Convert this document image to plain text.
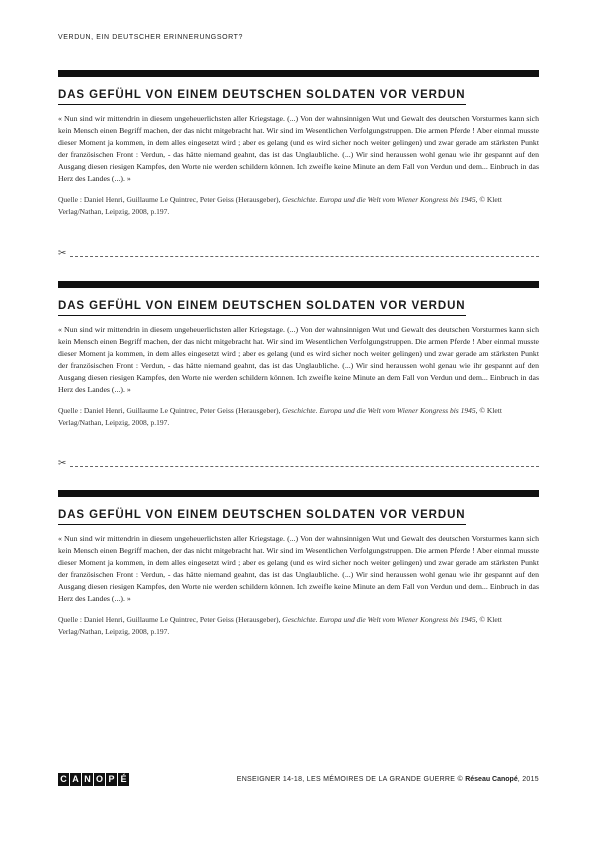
VERDUN, EIN DEUTSCHER ERINNERUNGSORT?
DAS GEFÜHL VON EINEM DEUTSCHEN SOLDATEN VOR VERDUN
« Nun sind wir mittendrin in diesem ungeheuerlichsten aller Kriegstage. (...) Von der wahnsinnigen Wut und Gewalt des deutschen Vorsturmes kann sich kein Mensch einen Begriff machen, der das nicht mitgebracht hat. Wir sind im Wesentlichen Verfolgungstruppen. Die armen Pferde ! Aber einmal musste dieser Moment ja kommen, in dem alles eingesetzt wird ; aber es gelang (und es wird sicher noch weiter gelingen) und zwar gerade am stärksten Punkt der französischen Front : Verdun, - das hätte niemand geahnt, das ist das Unglaubliche. (...) Wir sind heraussen wohl genau wie ihr gespannt auf den Ausgang diesen riesigen Kampfes, den Worte nie werden schildern können. Ich zweifle keine Minute an dem Fall von Verdun und dem... Einbruch in das Herz des Landes (...). »
Quelle : Daniel Henri, Guillaume Le Quintrec, Peter Geiss (Herausgeber), Geschichte. Europa und die Welt vom Wiener Kongress bis 1945, © Klett Verlag/Nathan, Leipzig, 2008, p.197.
✂
DAS GEFÜHL VON EINEM DEUTSCHEN SOLDATEN VOR VERDUN
« Nun sind wir mittendrin in diesem ungeheuerlichsten aller Kriegstage. (...) Von der wahnsinnigen Wut und Gewalt des deutschen Vorsturmes kann sich kein Mensch einen Begriff machen, der das nicht mitgebracht hat. Wir sind im Wesentlichen Verfolgungstruppen. Die armen Pferde ! Aber einmal musste dieser Moment ja kommen, in dem alles eingesetzt wird ; aber es gelang (und es wird sicher noch weiter gelingen) und zwar gerade am stärksten Punkt der französischen Front : Verdun, - das hätte niemand geahnt, das ist das Unglaubliche. (...) Wir sind heraussen wohl genau wie ihr gespannt auf den Ausgang diesen riesigen Kampfes, den Worte nie werden schildern können. Ich zweifle keine Minute an dem Fall von Verdun und dem... Einbruch in das Herz des Landes (...). »
Quelle : Daniel Henri, Guillaume Le Quintrec, Peter Geiss (Herausgeber), Geschichte. Europa und die Welt vom Wiener Kongress bis 1945, © Klett Verlag/Nathan, Leipzig, 2008, p.197.
✂
DAS GEFÜHL VON EINEM DEUTSCHEN SOLDATEN VOR VERDUN
« Nun sind wir mittendrin in diesem ungeheuerlichsten aller Kriegstage. (...) Von der wahnsinnigen Wut und Gewalt des deutschen Vorsturmes kann sich kein Mensch einen Begriff machen, der das nicht mitgebracht hat. Wir sind im Wesentlichen Verfolgungstruppen. Die armen Pferde ! Aber einmal musste dieser Moment ja kommen, in dem alles eingesetzt wird ; aber es gelang (und es wird sicher noch weiter gelingen) und zwar gerade am stärksten Punkt der französischen Front : Verdun, - das hätte niemand geahnt, das ist das Unglaubliche. (...) Wir sind heraussen wohl genau wie ihr gespannt auf den Ausgang diesen riesigen Kampfes, den Worte nie werden schildern können. Ich zweifle keine Minute an dem Fall von Verdun und dem... Einbruch in das Herz des Landes (...). »
Quelle : Daniel Henri, Guillaume Le Quintrec, Peter Geiss (Herausgeber), Geschichte. Europa und die Welt vom Wiener Kongress bis 1945, © Klett Verlag/Nathan, Leipzig, 2008, p.197.
C A N O P É	ENSEIGNER 14-18, LES MÉMOIRES DE LA GRANDE GUERRE © Réseau Canopé, 2015
